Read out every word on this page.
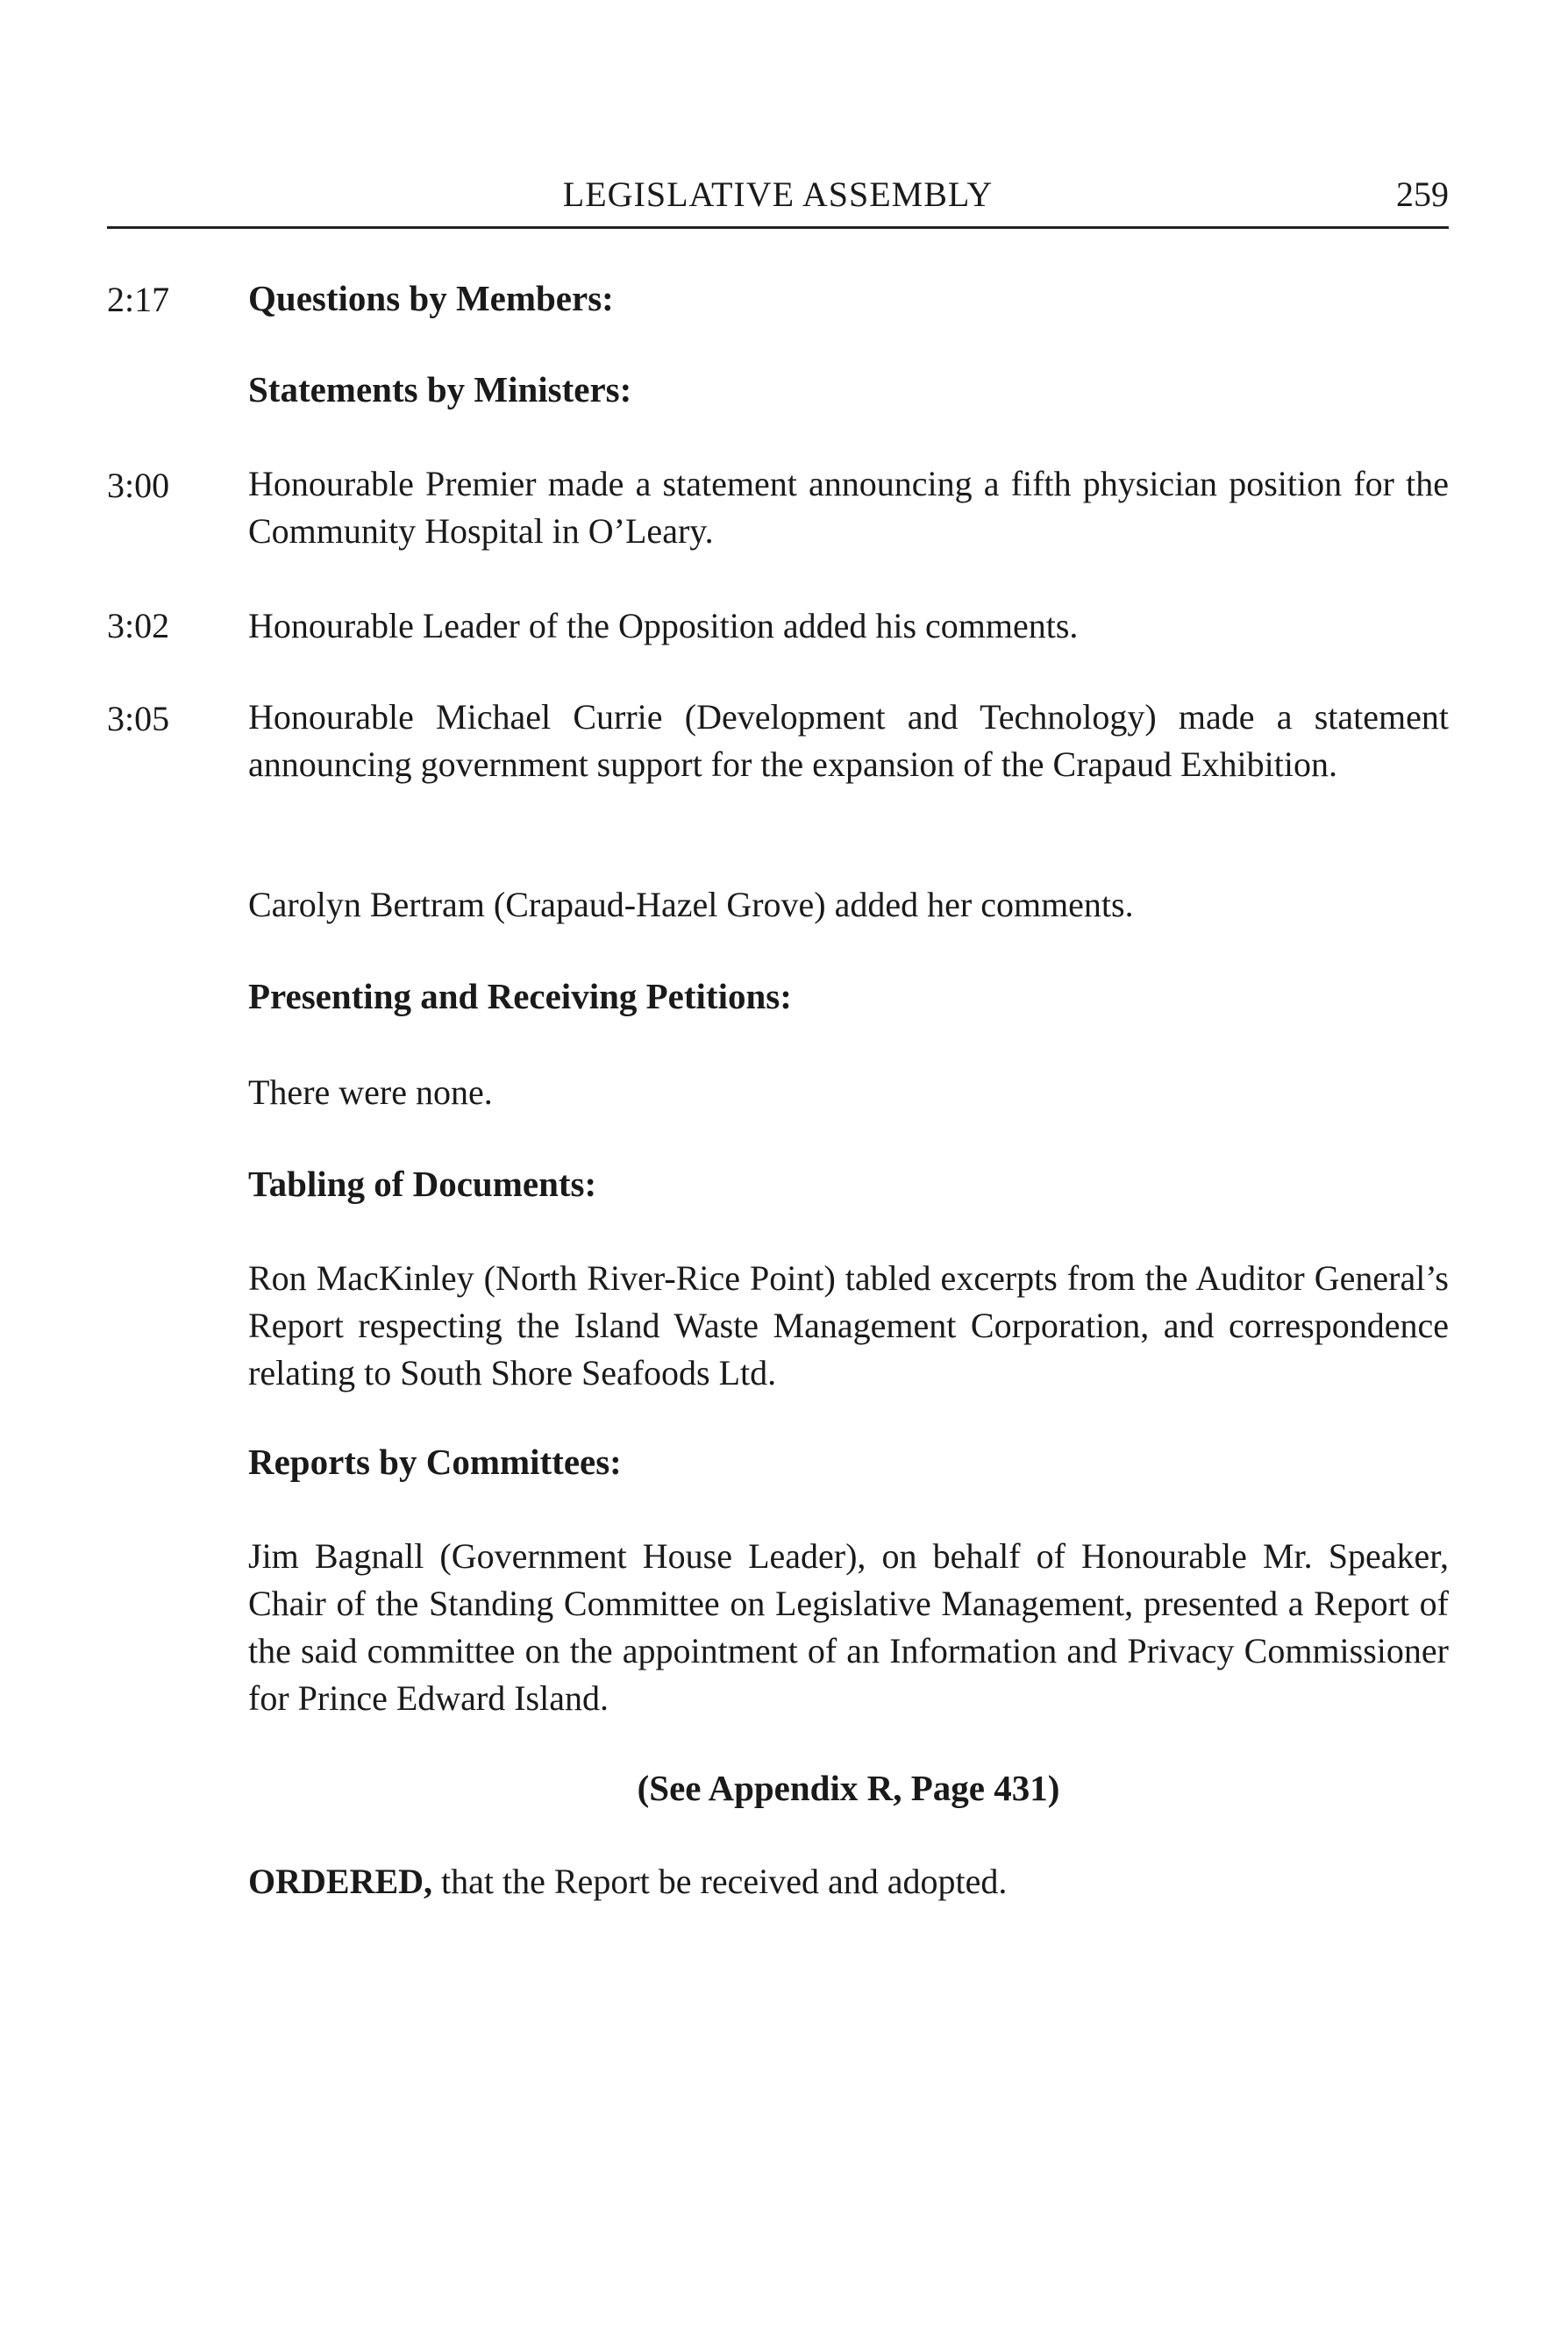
LEGISLATIVE ASSEMBLY	259
2:17 Questions by Members:
Statements by Ministers:
3:00 Honourable Premier made a statement announcing a fifth physician position for the Community Hospital in O’Leary.

3:02 Honourable Leader of the Opposition added his comments.
3:05 Honourable Michael Currie (Development and Technology) made a statement announcing government support for the expansion of the Crapaud Exhibition.

Carolyn Bertram (Crapaud-Hazel Grove) added her comments.
Presenting and Receiving Petitions:
There were none.
Tabling of Documents:

Ron MacKinley (North River-Rice Point) tabled excerpts from the Auditor General’s Report respecting the Island Waste Management Corporation, and correspondence relating to South Shore Seafoods Ltd.

Reports by Committees:

Jim Bagnall (Government House Leader), on behalf of Honourable Mr. Speaker, Chair of the Standing Committee on Legislative Management, presented a Report of the said committee on the appointment of an Information and Privacy Commissioner for Prince Edward Island.

(See Appendix R, Page 431)
ORDERED, that the Report be received and adopted.
